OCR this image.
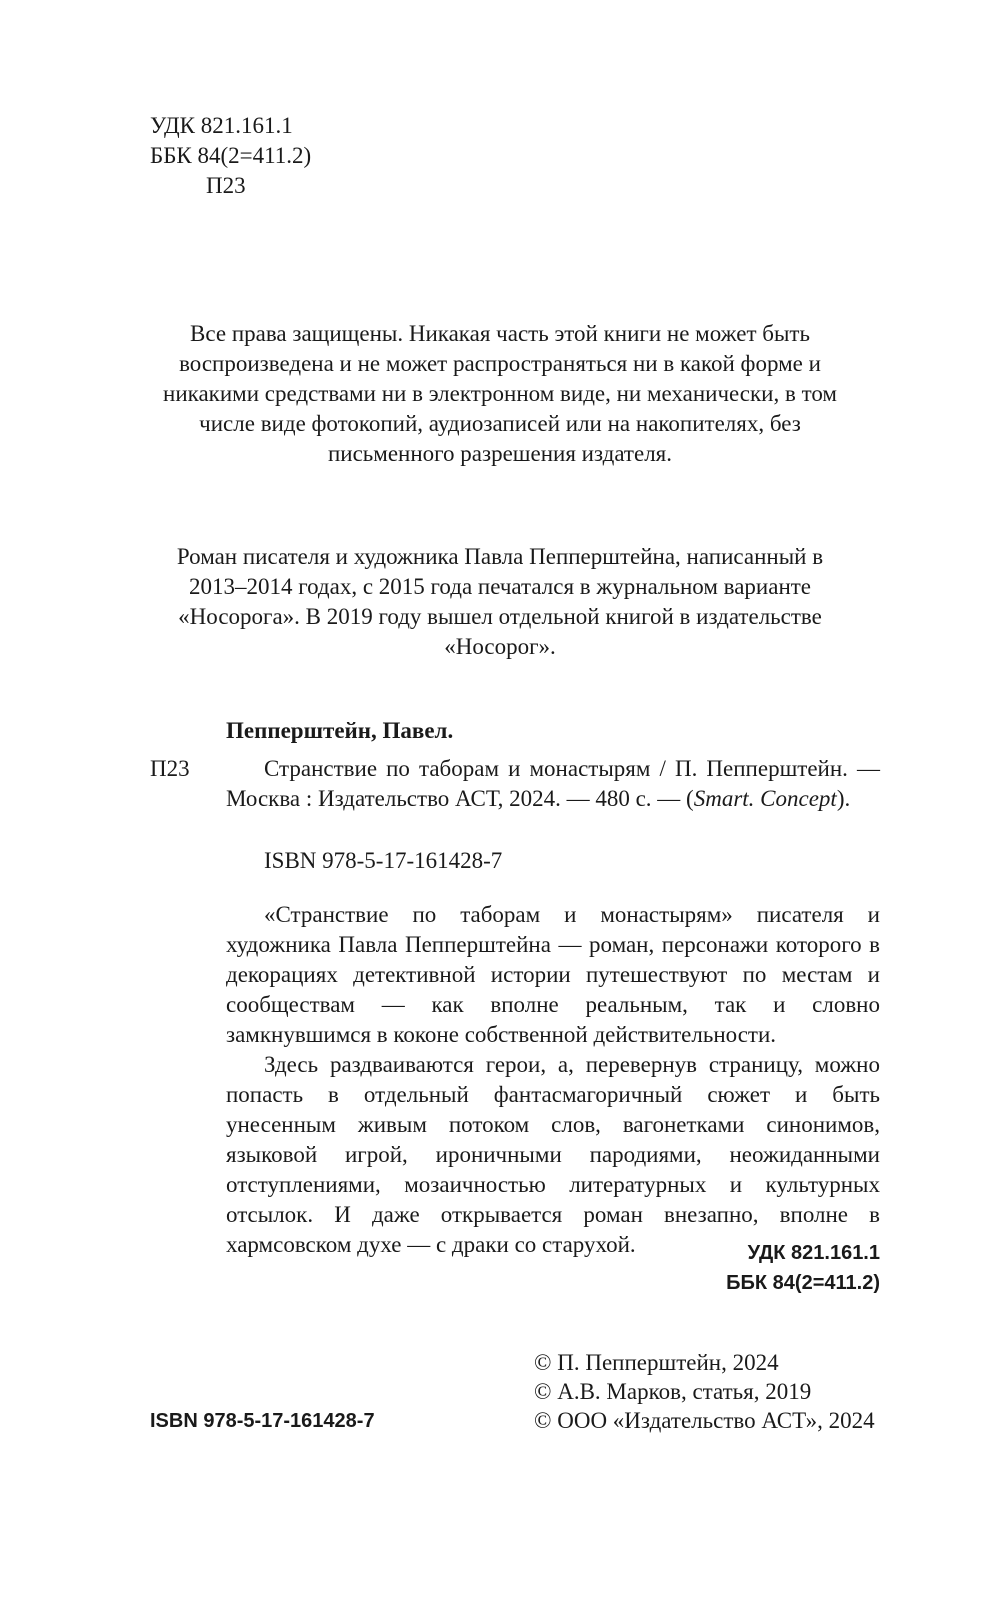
УДК 821.161.1
ББК 84(2=411.2)
П23
Все права защищены. Никакая часть этой книги не может быть воспроизведена и не может распространяться ни в какой форме и никакими средствами ни в электронном виде, ни механически, в том числе виде фотокопий, аудиозаписей или на накопителях, без письменного разрешения издателя.
Роман писателя и художника Павла Пепперштейна, написанный в 2013–2014 годах, с 2015 года печатался в журнальном варианте «Носорога». В 2019 году вышел отдельной книгой в издательстве «Носорог».
Пепперштейн, Павел.
П23	Странствие по таборам и монастырям / П. Пепперштейн. — Москва : Издательство АСТ, 2024. — 480 с. — (Smart. Concept).
ISBN 978-5-17-161428-7

«Странствие по таборам и монастырям» писателя и художника Павла Пепперштейна — роман, персонажи которого в декорациях детективной истории путешествуют по местам и сообществам — как вполне реальным, так и словно замкнувшимся в коконе собственной действительности.

Здесь раздваиваются герои, а, перевернув страницу, можно попасть в отдельный фантасмагоричный сюжет и быть унесенным живым потоком слов, вагонетками синонимов, языковой игрой, ироничными пародиями, неожиданными отступлениями, мозаичностью литературных и культурных отсылок. И даже открывается роман внезапно, вполне в хармсовском духе — с драки со старухой.	УДК 821.161.1
ББК 84(2=411.2)
© П. Пепперштейн, 2024
© А.В. Марков, статья, 2019
© ООО «Издательство АСТ», 2024
ISBN 978-5-17-161428-7
